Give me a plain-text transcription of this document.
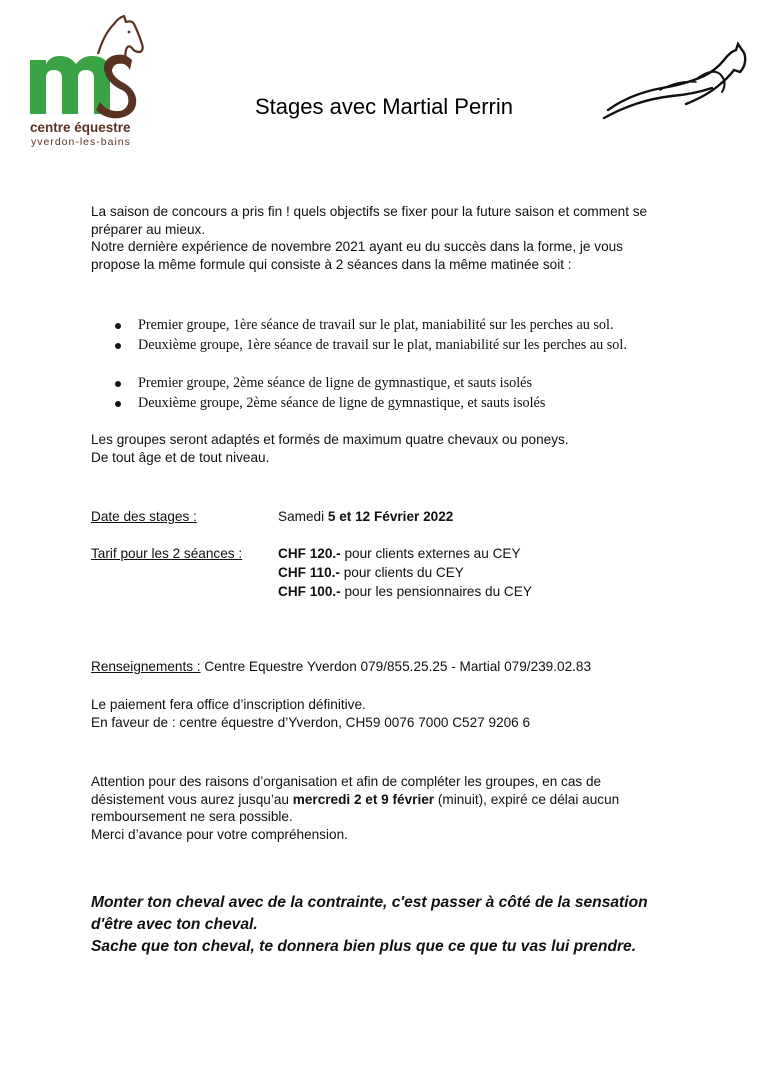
centre équestre
yverdon-les-bains
Stages avec Martial Perrin
La saison de concours a pris fin ! quels objectifs se fixer pour la future saison et comment se
préparer au mieux.
Notre dernière expérience de novembre 2021 ayant eu du succès dans la forme, je vous
propose la même formule qui consiste à 2 séances dans la même matinée soit :
Premier groupe, 1ère séance de travail sur le plat, maniabilité sur les perches au sol.
Deuxième groupe, 1ère séance de travail sur le plat, maniabilité sur les perches au sol.
Premier groupe, 2ème séance de ligne de gymnastique, et sauts isolés
Deuxième groupe, 2ème séance de ligne de gymnastique, et sauts isolés
Les groupes seront adaptés et formés de maximum quatre chevaux ou poneys.
De tout âge et de tout niveau.
Date des stages :	Samedi 5 et 12 Février 2022
Tarif pour les 2 séances :	CHF 120.- pour clients externes au CEY
CHF 110.- pour clients du CEY
CHF 100.- pour les pensionnaires du CEY
Renseignements : Centre Equestre Yverdon 079/855.25.25 - Martial 079/239.02.83
Le paiement fera office d’inscription définitive.
En faveur de : centre équestre d’Yverdon, CH59 0076 7000 C527 9206 6
Attention pour des raisons d’organisation et afin de compléter les groupes, en cas de
désistement vous aurez jusqu’au mercredi 2 et 9 février (minuit), expiré ce délai aucun
remboursement ne sera possible.
Merci d’avance pour votre compréhension.
Monter ton cheval avec de la contrainte, c'est passer à côté de la sensation
d'être avec ton cheval.
Sache que ton cheval, te donnera bien plus que ce que tu vas lui prendre.
